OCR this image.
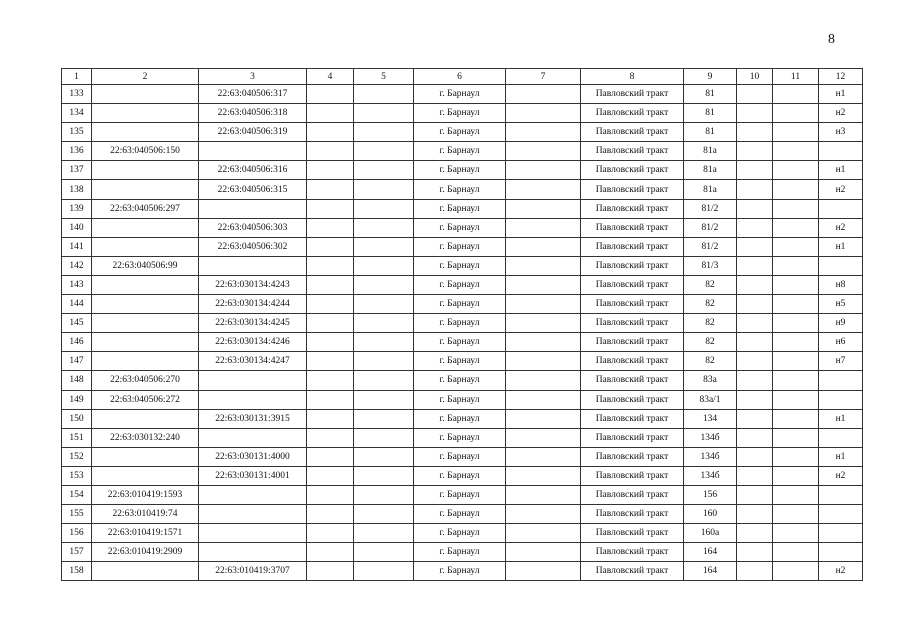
8
1	2	3	4	5	6	7	8	9	10	11	12
133		22:63:040506:317			г. Барнаул		Павловский тракт	81			н1
134		22:63:040506:318			г. Барнаул		Павловский тракт	81			н2
135		22:63:040506:319			г. Барнаул		Павловский тракт	81			н3
136	22:63:040506:150				г. Барнаул		Павловский тракт	81а			
137		22:63:040506:316			г. Барнаул		Павловский тракт	81а			н1
138		22:63:040506:315			г. Барнаул		Павловский тракт	81а			н2
139	22:63:040506:297				г. Барнаул		Павловский тракт	81/2			
140		22:63:040506:303			г. Барнаул		Павловский тракт	81/2			н2
141		22:63:040506:302			г. Барнаул		Павловский тракт	81/2			н1
142	22:63:040506:99				г. Барнаул		Павловский тракт	81/3			
143		22:63:030134:4243			г. Барнаул		Павловский тракт	82			н8
144		22:63:030134:4244			г. Барнаул		Павловский тракт	82			н5
145		22:63:030134:4245			г. Барнаул		Павловский тракт	82			н9
146		22:63:030134:4246			г. Барнаул		Павловский тракт	82			н6
147		22:63:030134:4247			г. Барнаул		Павловский тракт	82			н7
148	22:63:040506:270				г. Барнаул		Павловский тракт	83а			
149	22:63:040506:272				г. Барнаул		Павловский тракт	83а/1			
150		22:63:030131:3915			г. Барнаул		Павловский тракт	134			н1
151	22:63:030132:240				г. Барнаул		Павловский тракт	134б			
152		22:63:030131:4000			г. Барнаул		Павловский тракт	134б			н1
153		22:63:030131:4001			г. Барнаул		Павловский тракт	134б			н2
154	22:63:010419:1593				г. Барнаул		Павловский тракт	156			
155	22:63:010419:74				г. Барнаул		Павловский тракт	160			
156	22:63:010419:1571				г. Барнаул		Павловский тракт	160а			
157	22:63:010419:2909				г. Барнаул		Павловский тракт	164			
158		22:63:010419:3707			г. Барнаул		Павловский тракт	164			н2
